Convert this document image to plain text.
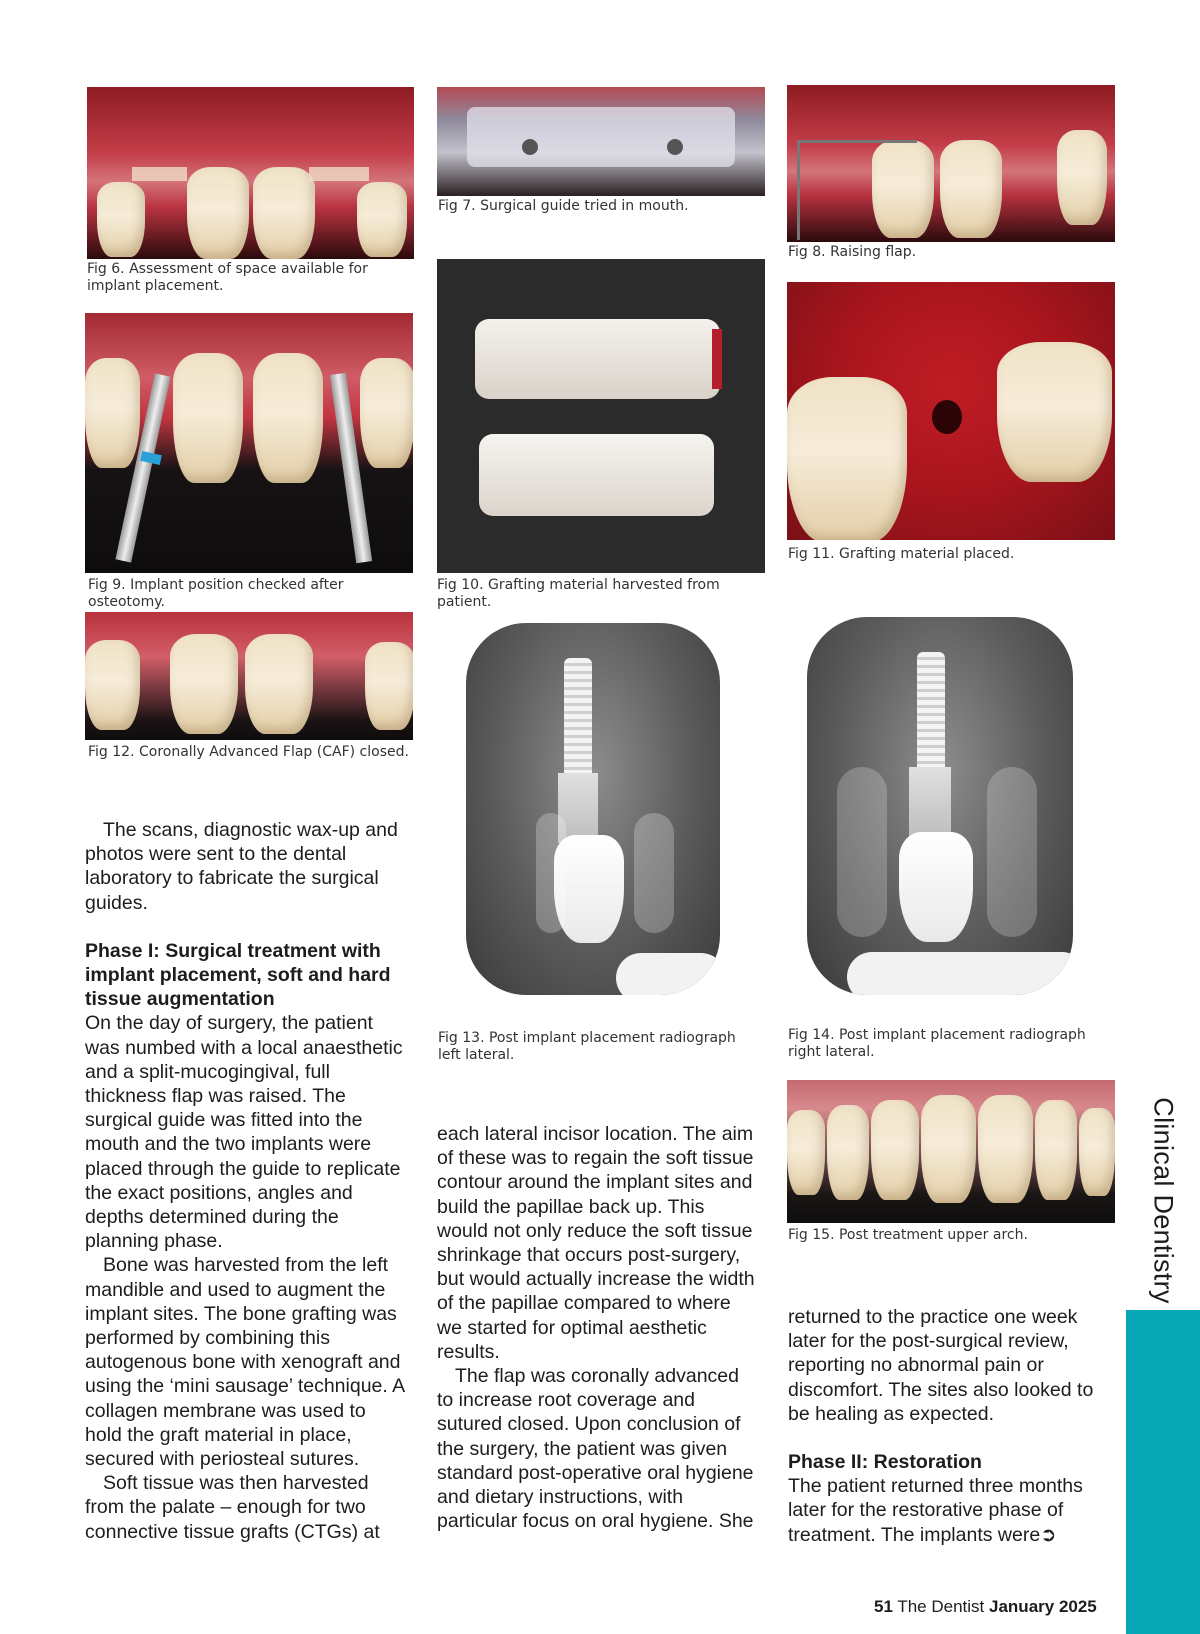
Fig 6. Assessment of space available for implant placement.
Fig 7. Surgical guide tried in mouth.
Fig 8. Raising flap.
Fig 9. Implant position checked after osteotomy.
Fig 10. Grafting material harvested from patient.
Fig 11. Grafting material placed.
Fig 12. Coronally Advanced Flap (CAF) closed.
Fig 13. Post implant placement radiograph left lateral.
Fig 14. Post implant placement radiograph right lateral.
Fig 15. Post treatment upper arch.

The scans, diagnostic wax-up and photos were sent to the dental laboratory to fabricate the surgical guides.

Phase I: Surgical treatment with implant placement, soft and hard tissue augmentation

On the day of surgery, the patient was numbed with a local anaesthetic and a split-mucogingival, full thickness flap was raised. The surgical guide was fitted into the mouth and the two implants were placed through the guide to replicate the exact positions, angles and depths determined during the planning phase.

Bone was harvested from the left mandible and used to augment the implant sites. The bone grafting was performed by combining this autogenous bone with xenograft and using the ‘mini sausage’ technique. A collagen membrane was used to hold the graft material in place, secured with periosteal sutures.

Soft tissue was then harvested from the palate – enough for two connective tissue grafts (CTGs) at

each lateral incisor location. The aim of these was to regain the soft tissue contour around the implant sites and build the papillae back up. This would not only reduce the soft tissue shrinkage that occurs post-surgery, but would actually increase the width of the papillae compared to where we started for optimal aesthetic results.

The flap was coronally advanced to increase root coverage and sutured closed. Upon conclusion of the surgery, the patient was given standard post-operative oral hygiene and dietary instructions, with particular focus on oral hygiene. She

returned to the practice one week later for the post-surgical review, reporting no abnormal pain or discomfort. The sites also looked to be healing as expected.

Phase II: Restoration

The patient returned three months later for the restorative phase of treatment. The implants were➲

Clinical Dentistry
51 The Dentist January 2025
